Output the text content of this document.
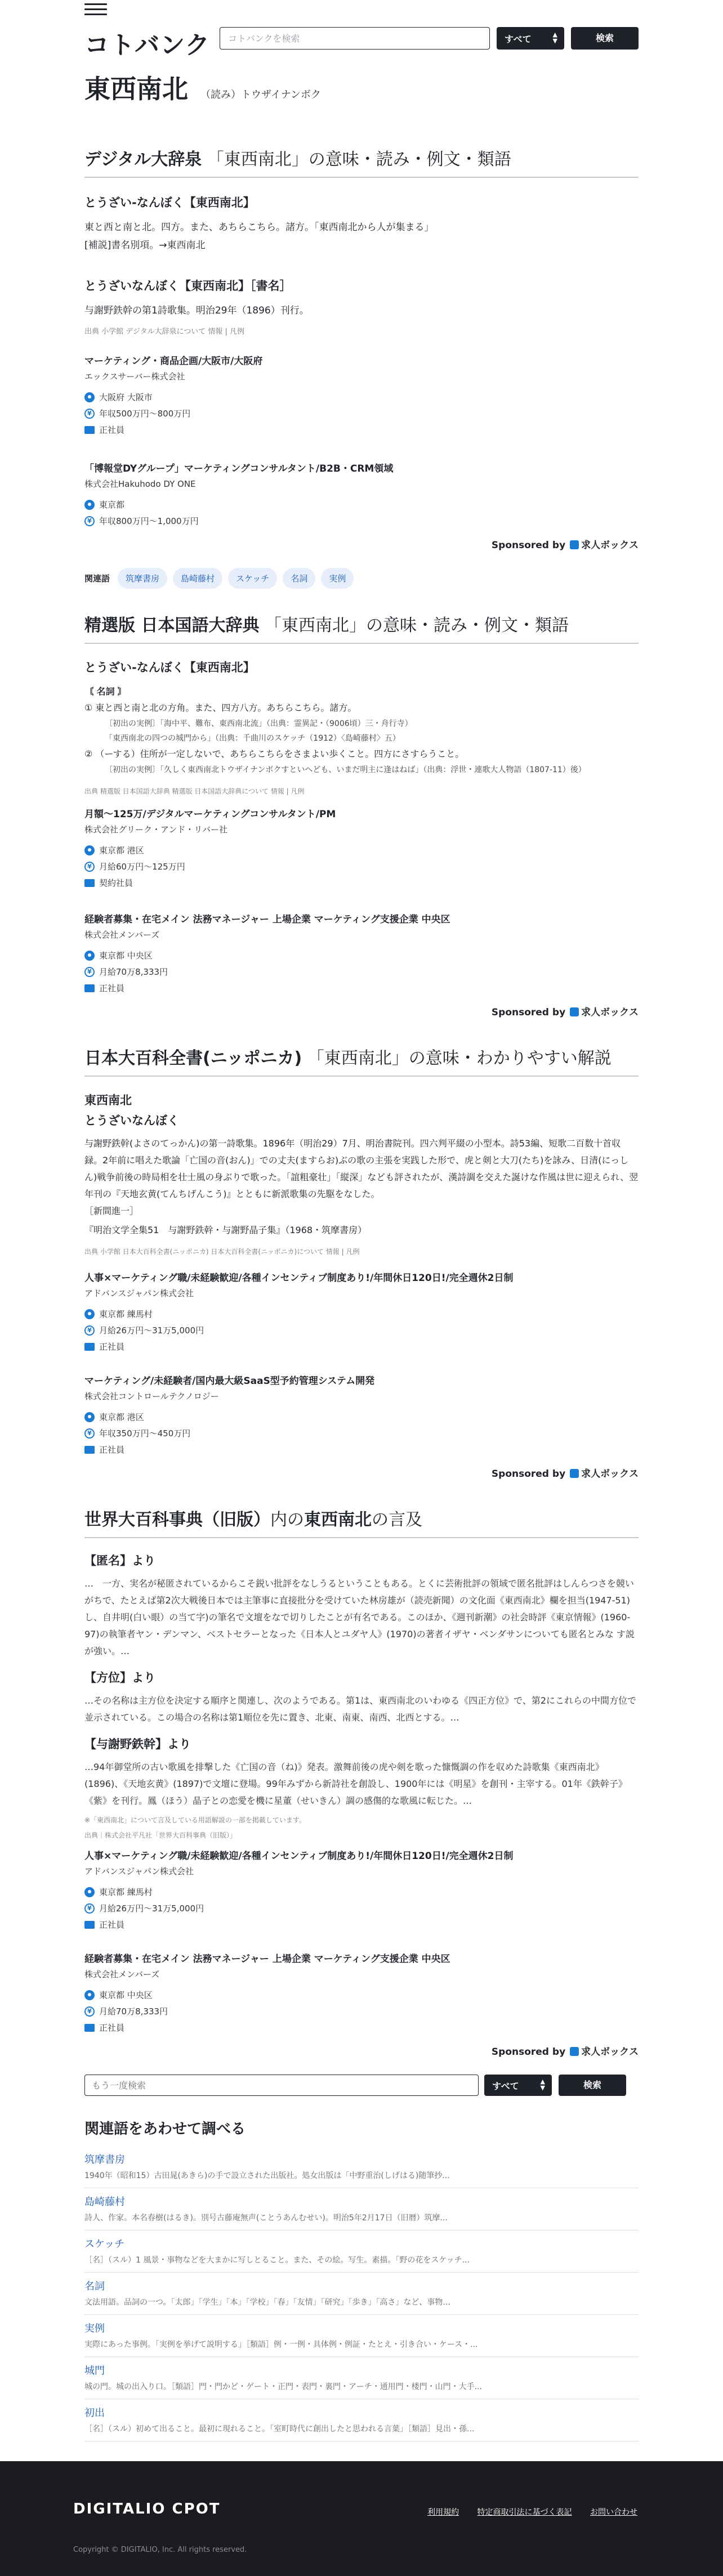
コトバンク
コトバンクを検索	すべて	▲
▼	検索
東西南北 （読み）トウザイナンボク
デジタル大辞泉 「東西南北」の意味・読み・例文・類語
とうざい‐なんぼく【東西南北】

東と西と南と北。四方。また、あちらこちら。諸方。「東西南北から人が集まる」

[補説]書名別項。→東西南北

とうざいなんぼく【東西南北】［書名］

与謝野鉄幹の第1詩歌集。明治29年（1896）刊行。

出典 小学館 デジタル大辞泉について 情報 | 凡例

マーケティング・商品企画/大阪市/大阪府
エックスサーバー株式会社
大阪府 大阪市
¥ 年収500万円〜800万円
正社員
「博報堂DYグループ」マーケティングコンサルタント/B2B・CRM領域
株式会社Hakuhodo DY ONE
東京都
¥ 年収800万円〜1,000万円
Sponsored by 求人ボックス
関連語	筑摩書房	島崎藤村	スケッチ	名詞	実例
精選版 日本国語大辞典 「東西南北」の意味・読み・例文・類語
とうざい‐なんぼく【東西南北】

〘 名詞 〙

① 東と西と南と北の方角。また、四方八方。あちらこちら。諸方。

〔初出の実例〕「海中平、難布、東西南北流」（出典：霊異記・（9006頃）三・舟行寺）

「東西南北の四つの城門から」（出典：千曲川のスケッチ（1912）〈島崎藤村〉五）

② （ーする）住所が一定しないで、あちらこちらをさまよい歩くこと。四方にさすらうこと。

〔初出の実例〕「久しく東西南北トウザイナンボクすといへども、いまだ明主に逢はねば」（出典：浮世・連歌大人物語（1807-11）後）

出典 精選版 日本国語大辞典 精選版 日本国語大辞典について 情報 | 凡例

月額〜125万/デジタルマーケティングコンサルタント/PM
株式会社グリーク・アンド・リバー社
東京都 港区
¥ 月給60万円〜125万円
契約社員
経験者募集・在宅メイン 法務マネージャー 上場企業 マーケティング支援企業 中央区
株式会社メンバーズ
東京都 中央区
¥ 月給70万8,333円
正社員
Sponsored by 求人ボックス
日本大百科全書(ニッポニカ) 「東西南北」の意味・わかりやすい解説
東西南北
とうざいなんぼく

与謝野鉄幹(よさのてっかん)の第一詩歌集。1896年（明治29）7月、明治書院刊。四六判平綴の小型本。詩53編、短歌二百数十首収録。2年前に唱えた歌論「亡国の音(おん)」での丈夫(ますらお)ぶの歌の主張を実践した形で、虎と剣と大刀(たち)を詠み、日清(にっしん)戦争前後の時局相を壮士風の身ぶりで歌った。「誼粗豪壮」「縦深」なども評されたが、漢詩調を交えた誕けな作風は世に迎えられ、翌年刊の『天地玄黄(てんちげんこう)』とともに新派歌集の先駆をなした。

［新間進一］

『明治文学全集51　与謝野鉄幹・与謝野晶子集』（1968・筑摩書房）

出典 小学館 日本大百科全書(ニッポニカ) 日本大百科全書(ニッポニカ)について 情報 | 凡例

人事×マーケティング職/未経験歓迎/各種インセンティブ制度あり!/年間休日120日!/完全週休2日制
アドバンスジャパン株式会社
東京都 練馬村
¥ 月給26万円〜31万5,000円
正社員
マーケティング/未経験者/国内最大級SaaS型予約管理システム開発
株式会社コントロールテクノロジー
東京都 港区
¥ 年収350万円〜450万円
正社員
Sponsored by 求人ボックス
世界大百科事典（旧版）内の東西南北の言及
【匿名】より

…　一方、実名が秘匿されているからこそ鋭い批評をなしうるということもある。とくに芸術批評の領域で匿名批評はしんらつさを競いがちで、たとえば第2次大戦後日本では主筆事に直接批分を受けていた林房雄が（読売新聞）の文化面《東西南北》欄を担当(1947-51)し、自井明(白い眼）の当て字)の筆名で文壇をなで切りしたことが有名である。このほか、《週刊新潮》の社会時評《東京情報》(1960-97)の執筆者ヤン・デンマン、ベストセラーとなった《日本人とユダヤ人》(1970)の著者イザヤ・ベンダサンについても匿名とみな す説が強い。…

【方位】より

…その名称は主方位を決定する順序と関連し、次のようである。第1は、東西南北のいわゆる《四正方位》で、第2にこれらの中間方位で並示されている。この場合の名称は第1順位を先に置き、北東、南東、南西、北西とする。…

【与謝野鉄幹】より

…94年御堂所の古い歌風を排撃した《亡国の音（ね)》発表。激舞前後の虎や剣を歌った慷慨調の作を収めた詩歌集《東西南北》(1896)、《天地玄黄》(1897)で文壇に登場。99年みずから新詩社を創設し、1900年には《明星》を創刊・主宰する。01年《鉄幹子》《紫》を刊行。鳳（ほう）晶子との恋愛を機に星董（せいきん）調の感傷的な歌風に転じた。…

※「東西南北」について言及している用語解説の一部を掲載しています。

出典｜株式会社平凡社「世界大百科事典（旧版）」

人事×マーケティング職/未経験歓迎/各種インセンティブ制度あり!/年間休日120日!/完全週休2日制
アドバンスジャパン株式会社
東京都 練馬村
¥ 月給26万円〜31万5,000円
正社員
経験者募集・在宅メイン 法務マネージャー 上場企業 マーケティング支援企業 中央区
株式会社メンバーズ
東京都 中央区
¥ 月給70万8,333円
正社員
Sponsored by 求人ボックス
もう一度検索
すべて	▲
▼	検索
関連語をあわせて調べる
筑摩書房
1940年（昭和15）古田晁(あきら)の手で設立された出版社。処女出版は「中野重治(しげはる)随筆抄...
島崎藤村
詩人、作家。本名春樹(はるき)。別号古藤庵無声(ことうあんむせい)。明治5年2月17日（旧暦）筑摩...
スケッチ
［名］（スル）1 風景・事物などを大まかに写しとること。また、その絵。写生。素描。「野の花をスケッチ...
名詞
文法用語。品詞の一つ。「太郎」「学生」「本」「学校」「春」「友情」「研究」「歩き」「高さ」など、事物...
実例
実際にあった事例。「実例を挙げて説明する」［類語］例・一例・具体例・例証・たとえ・引き合い・ケース・...
城門
城の門。城の出入り口。［類語］門・門かど・ゲート・正門・表門・裏門・アーチ・通用門・楼門・山門・大手...
初出
［名］（スル）初めて出ること。最初に現れること。「室町時代に創出したと思われる言葉」［類語］見出・孫...
DIGITALIO CPOT	利用規約 特定商取引法に基づく表記 お問い合わせ
Copyright © DIGITALIO, Inc. All rights reserved.
